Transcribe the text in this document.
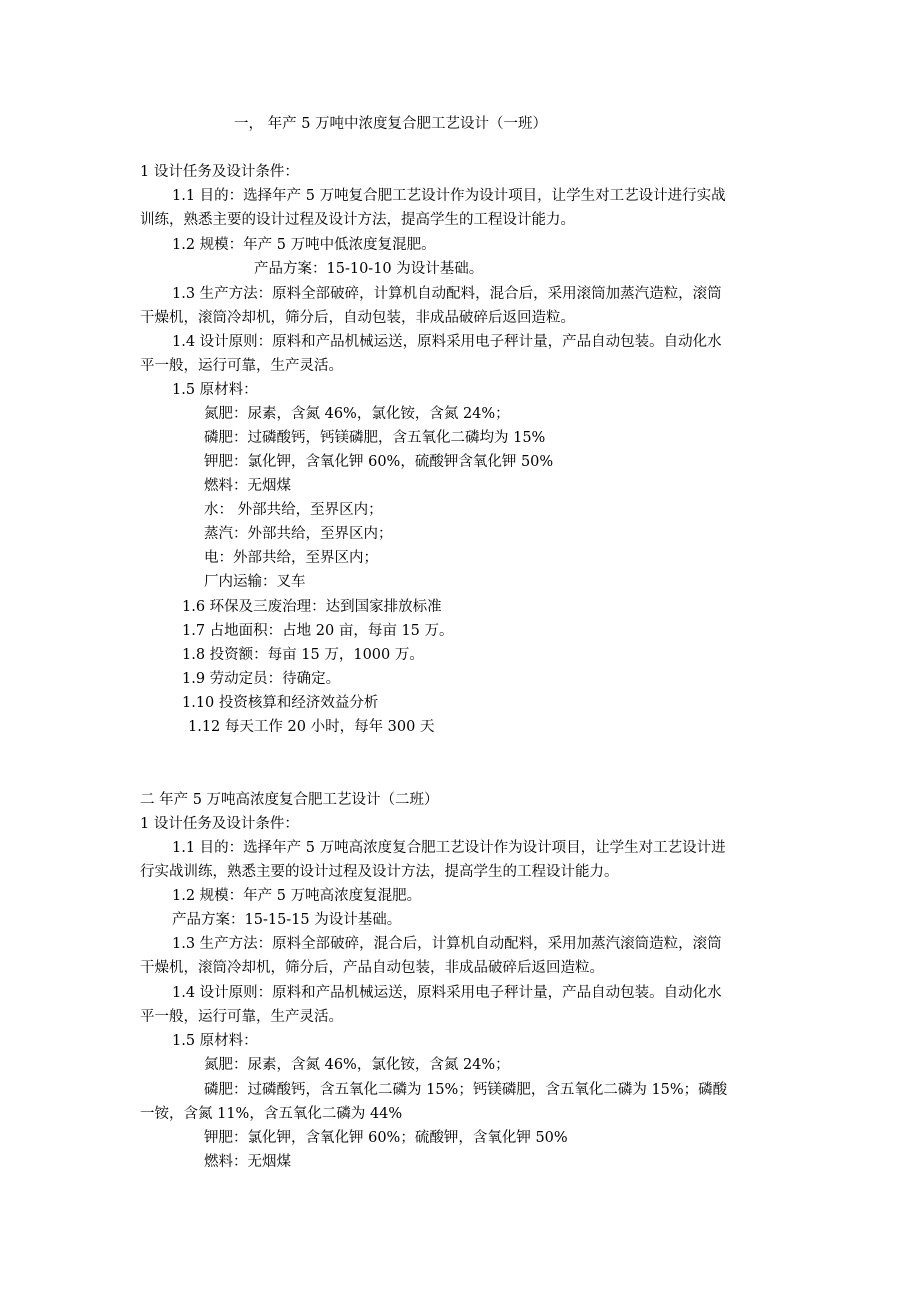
一， 年产 5 万吨中浓度复合肥工艺设计（一班）
1 设计任务及设计条件：
1.1 目的：选择年产 5 万吨复合肥工艺设计作为设计项目，让学生对工艺设计进行实战
训练，熟悉主要的设计过程及设计方法，提高学生的工程设计能力。
1.2 规模：年产 5 万吨中低浓度复混肥。
产品方案：15-10-10 为设计基础。
1.3 生产方法：原料全部破碎，计算机自动配料，混合后，采用滚筒加蒸汽造粒，滚筒
干燥机，滚筒冷却机，筛分后，自动包装，非成品破碎后返回造粒。
1.4 设计原则：原料和产品机械运送，原料采用电子秤计量，产品自动包装。自动化水
平一般，运行可靠，生产灵活。
1.5 原材料：
氮肥：尿素，含氮 46%，氯化铵，含氮 24%；
磷肥：过磷酸钙，钙镁磷肥，含五氧化二磷均为 15%
钾肥：氯化钾，含氧化钾 60%，硫酸钾含氧化钾 50%
燃料：无烟煤
水： 外部共给，至界区内；
蒸汽：外部共给，至界区内；
电：外部共给，至界区内；
厂内运输：叉车
1.6 环保及三废治理：达到国家排放标准
1.7 占地面积：占地 20 亩，每亩 15 万。
1.8 投资额：每亩 15 万，1000 万。
1.9 劳动定员：待确定。
1.10 投资核算和经济效益分析
1.12 每天工作 20 小时，每年 300 天
二 年产 5 万吨高浓度复合肥工艺设计（二班）
1 设计任务及设计条件：
1.1 目的：选择年产 5 万吨高浓度复合肥工艺设计作为设计项目，让学生对工艺设计进
行实战训练，熟悉主要的设计过程及设计方法，提高学生的工程设计能力。
1.2 规模：年产 5 万吨高浓度复混肥。
产品方案：15-15-15 为设计基础。
1.3 生产方法：原料全部破碎，混合后，计算机自动配料，采用加蒸汽滚筒造粒，滚筒
干燥机，滚筒冷却机，筛分后，产品自动包装，非成品破碎后返回造粒。
1.4 设计原则：原料和产品机械运送，原料采用电子秤计量，产品自动包装。自动化水
平一般，运行可靠，生产灵活。
1.5 原材料：
氮肥：尿素，含氮 46%，氯化铵，含氮 24%；
磷肥：过磷酸钙，含五氧化二磷为 15%；钙镁磷肥，含五氧化二磷为 15%；磷酸
一铵，含氮 11%，含五氧化二磷为 44%
钾肥：氯化钾，含氧化钾 60%；硫酸钾，含氧化钾 50%
燃料：无烟煤
